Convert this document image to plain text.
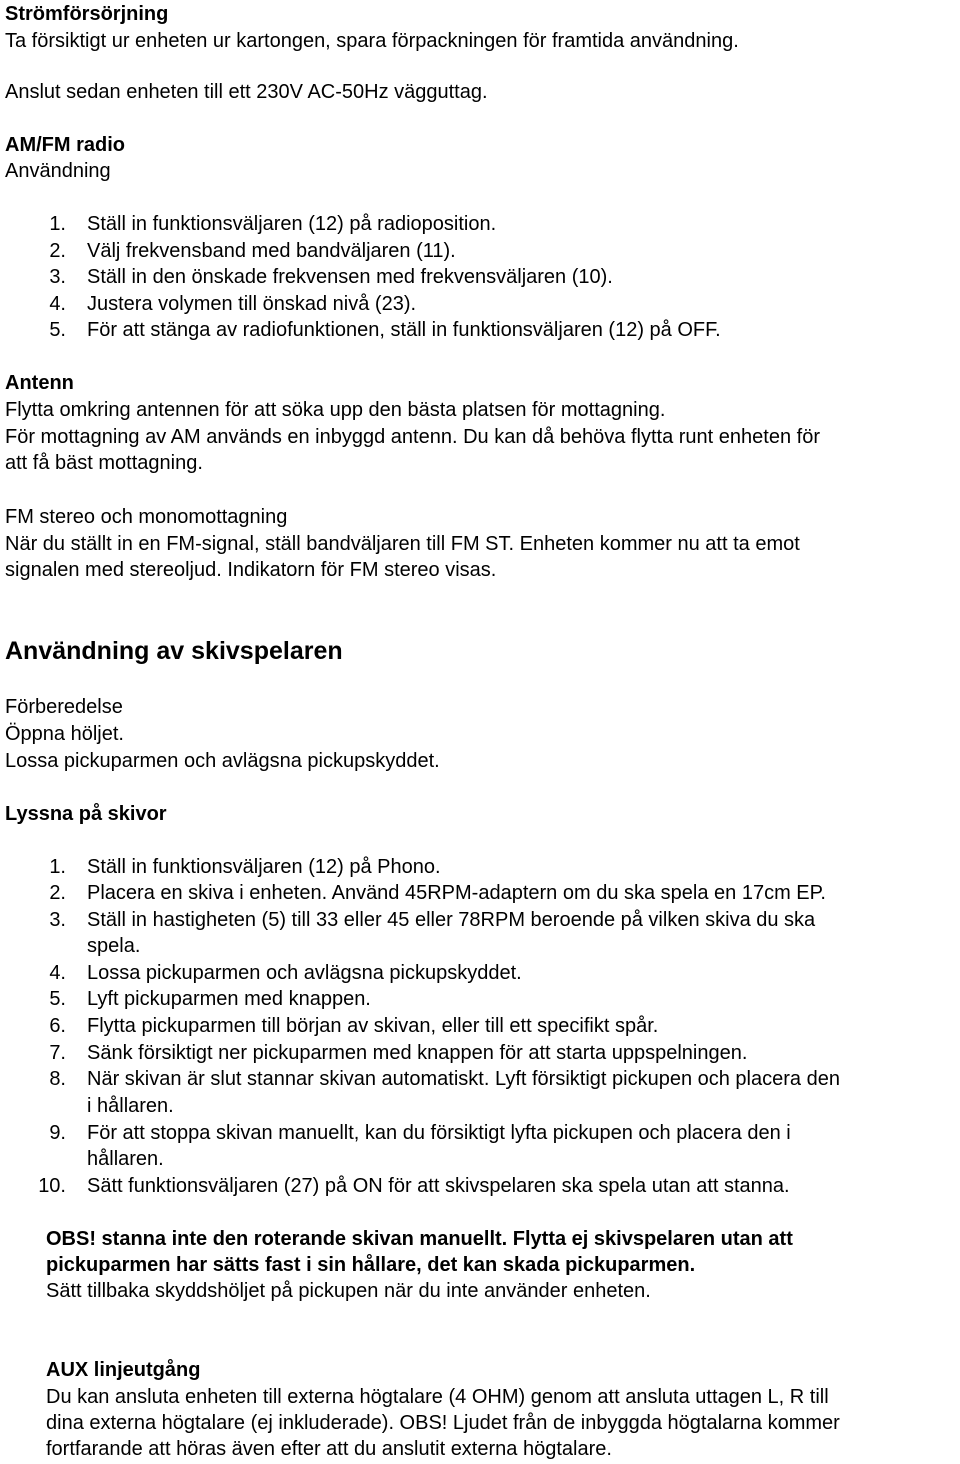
Strömförsörjning
Ta försiktigt ur enheten ur kartongen, spara förpackningen för framtida användning.
Anslut sedan enheten till ett 230V AC-50Hz vägguttag.
AM/FM radio
Användning
1. Ställ in funktionsväljaren (12) på radioposition.
2. Välj frekvensband med bandväljaren (11).
3. Ställ in den önskade frekvensen med frekvensväljaren (10).
4. Justera volymen till önskad nivå (23).
5. För att stänga av radiofunktionen, ställ in funktionsväljaren (12) på OFF.
Antenn
Flytta omkring antennen för att söka upp den bästa platsen för mottagning.
För mottagning av AM används en inbyggd antenn. Du kan då behöva flytta runt enheten för
att få bäst mottagning.
FM stereo och monomottagning
När du ställt in en FM-signal, ställ bandväljaren till FM ST. Enheten kommer nu att ta emot
signalen med stereoljud. Indikatorn för FM stereo visas.
Användning av skivspelaren
Förberedelse
Öppna höljet.
Lossa pickuparmen och avlägsna pickupskyddet.
Lyssna på skivor
1. Ställ in funktionsväljaren (12) på Phono.
2. Placera en skiva i enheten. Använd 45RPM-adaptern om du ska spela en 17cm EP.
3. Ställ in hastigheten (5) till 33 eller 45 eller 78RPM beroende på vilken skiva du ska
spela.
4. Lossa pickuparmen och avlägsna pickupskyddet.
5. Lyft pickuparmen med knappen.
6. Flytta pickuparmen till början av skivan, eller till ett specifikt spår.
7. Sänk försiktigt ner pickuparmen med knappen för att starta uppspelningen.
8. När skivan är slut stannar skivan automatiskt. Lyft försiktigt pickupen och placera den
i hållaren.
9. För att stoppa skivan manuellt, kan du försiktigt lyfta pickupen och placera den i
hållaren.
10. Sätt funktionsväljaren (27) på ON för att skivspelaren ska spela utan att stanna.
OBS! stanna inte den roterande skivan manuellt. Flytta ej skivspelaren utan att
pickuparmen har sätts fast i sin hållare, det kan skada pickuparmen.
Sätt tillbaka skyddshöljet på pickupen när du inte använder enheten.
AUX linjeutgång
Du kan ansluta enheten till externa högtalare (4 OHM) genom att ansluta uttagen L, R till
dina externa högtalare (ej inkluderade). OBS! Ljudet från de inbyggda högtalarna kommer
fortfarande att höras även efter att du anslutit externa högtalare.
